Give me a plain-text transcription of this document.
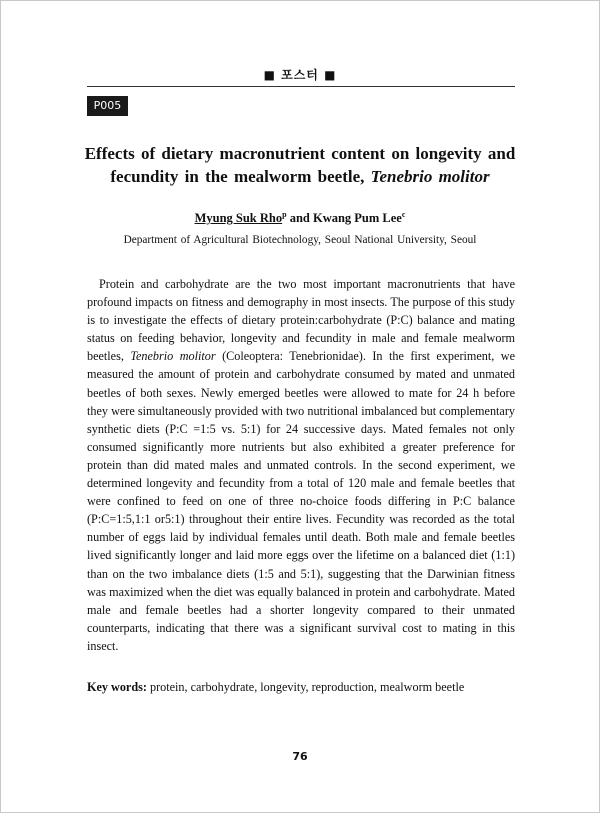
■ 포스터 ■
P005
Effects of dietary macronutrient content on longevity and fecundity in the mealworm beetle, Tenebrio molitor
Myung Suk Rho$^p$ and Kwang Pum Lee$^c$
Department of Agricultural Biotechnology, Seoul National University, Seoul

Protein and carbohydrate are the two most important macronutrients that have profound impacts on fitness and demography in most insects. The purpose of this study is to investigate the effects of dietary protein:carbohydrate (P:C) balance and mating status on feeding behavior, longevity and fecundity in male and female mealworm beetles, Tenebrio molitor (Coleoptera: Tenebrionidae). In the first experiment, we measured the amount of protein and carbohydrate consumed by mated and unmated beetles of both sexes. Newly emerged beetles were allowed to mate for 24 h before they were simultaneously provided with two nutritional imbalanced but complementary synthetic diets (P:C =1:5 vs. 5:1) for 24 successive days. Mated females not only consumed significantly more nutrients but also exhibited a greater preference for protein than did mated males and unmated controls. In the second experiment, we determined longevity and fecundity from a total of 120 male and female beetles that were confined to feed on one of three no-choice foods differing in P:C balance (P:C=1:5,1:1 or5:1) throughout their entire lives. Fecundity was recorded as the total number of eggs laid by individual females until death. Both male and female beetles lived significantly longer and laid more eggs over the lifetime on a balanced diet (1:1) than on the two imbalance diets (1:5 and 5:1), suggesting that the Darwinian fitness was maximized when the diet was equally balanced in protein and carbohydrate. Mated male and female beetles had a shorter longevity compared to their unmated counterparts, indicating that there was a significant survival cost to mating in this insect.

Key words: protein, carbohydrate, longevity, reproduction, mealworm beetle
76
